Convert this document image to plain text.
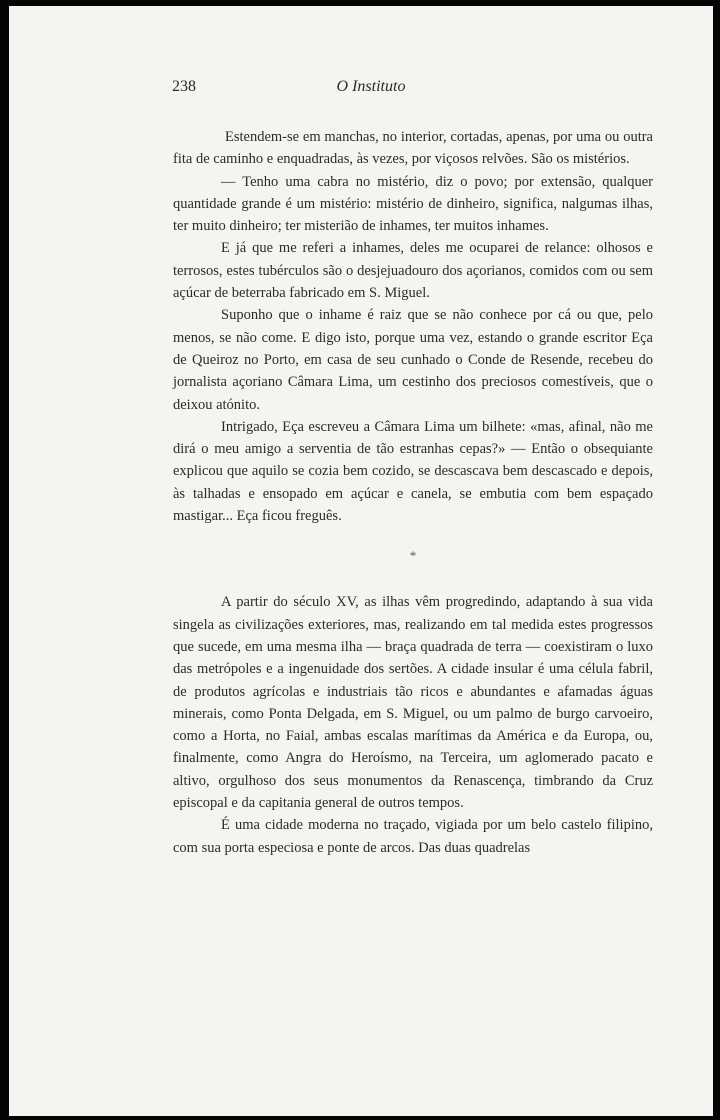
238	O Instituto

Estendem-se em manchas, no interior, cortadas, apenas, por uma ou outra fita de caminho e enquadradas, às vezes, por viçosos relvões. São os mistérios.

— Tenho uma cabra no mistério, diz o povo; por extensão, qualquer quantidade grande é um mistério: mistério de dinheiro, significa, nalgumas ilhas, ter muito dinheiro; ter misterião de inhames, ter muitos inhames.

E já que me referi a inhames, deles me ocuparei de relance: olhosos e terrosos, estes tubérculos são o desjejuadouro dos açorianos, comidos com ou sem açúcar de beterraba fabricado em S. Miguel.

Suponho que o inhame é raiz que se não conhece por cá ou que, pelo menos, se não come. E digo isto, porque uma vez, estando o grande escritor Eça de Queiroz no Porto, em casa de seu cunhado o Conde de Resende, recebeu do jornalista açoriano Câmara Lima, um cestinho dos preciosos comestíveis, que o deixou atónito.

Intrigado, Eça escreveu a Câmara Lima um bilhete: «mas, afinal, não me dirá o meu amigo a serventia de tão estranhas cepas?» — Então o obsequiante explicou que aquilo se cozia bem cozido, se descascava bem descascado e depois, às talhadas e ensopado em açúcar e canela, se embutia com bem espaçado mastigar... Eça ficou freguês.

*

A partir do século XV, as ilhas vêm progredindo, adaptando à sua vida singela as civilizações exteriores, mas, realizando em tal medida estes progressos que sucede, em uma mesma ilha — braça quadrada de terra — coexistiram o luxo das metrópoles e a ingenuidade dos sertões. A cidade insular é uma célula fabril, de produtos agrícolas e industriais tão ricos e abundantes e afamadas águas minerais, como Ponta Delgada, em S. Miguel, ou um palmo de burgo carvoeiro, como a Horta, no Faial, ambas escalas marítimas da América e da Europa, ou, finalmente, como Angra do Heroísmo, na Terceira, um aglomerado pacato e altivo, orgulhoso dos seus monumentos da Renascença, timbrando da Cruz episcopal e da capitania general de outros tempos.

É uma cidade moderna no traçado, vigiada por um belo castelo filipino, com sua porta especiosa e ponte de arcos. Das duas quadrelas
